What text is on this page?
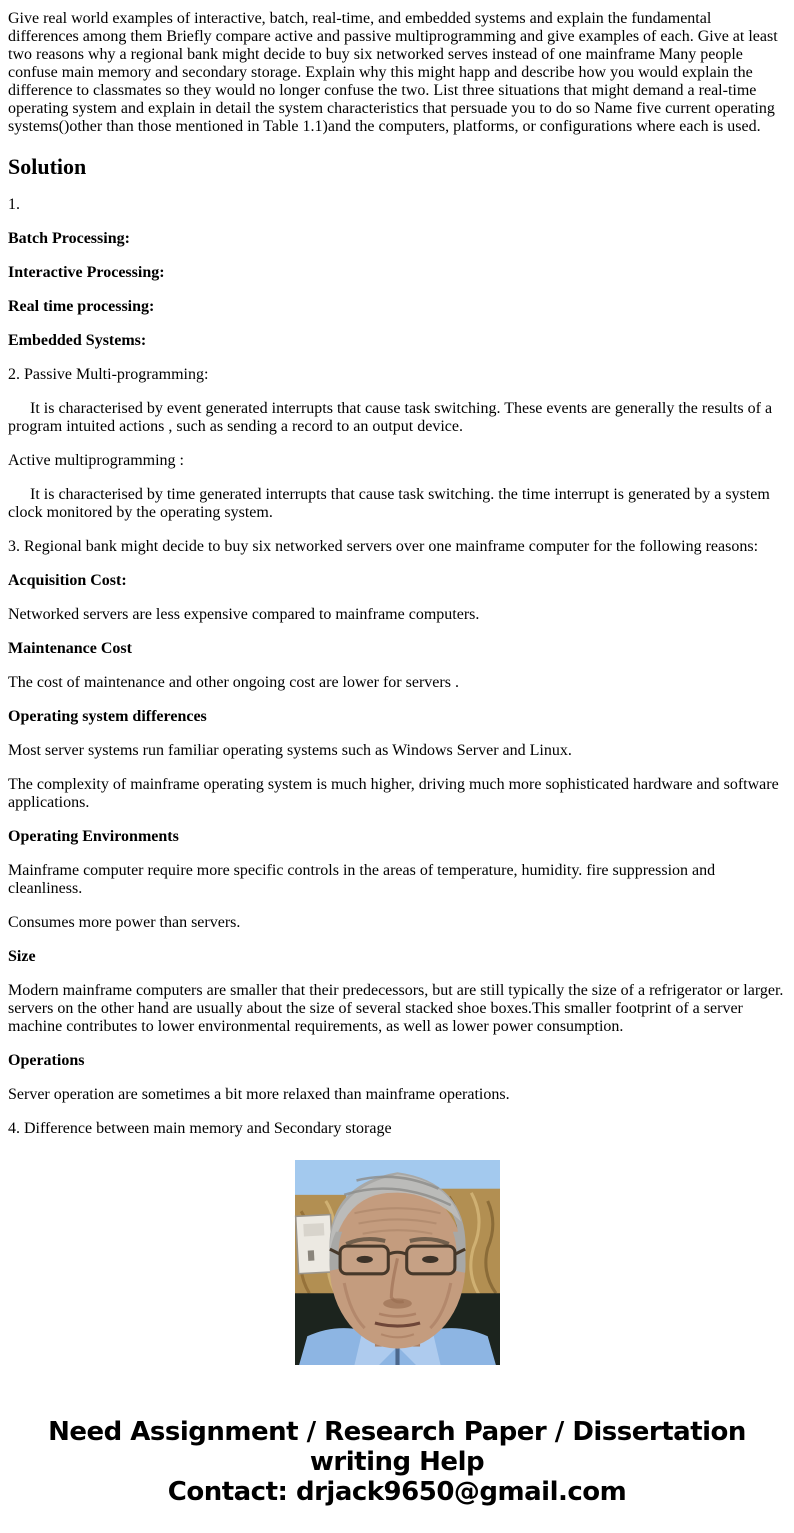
Give real world examples of interactive, batch, real-time, and embedded systems and explain the fundamental differences among them Briefly compare active and passive multiprogramming and give examples of each. Give at least two reasons why a regional bank might decide to buy six networked serves instead of one mainframe Many people confuse main memory and secondary storage. Explain why this might happ and describe how you would explain the difference to classmates so they would no longer confuse the two. List three situations that might demand a real-time operating system and explain in detail the system characteristics that persuade you to do so Name five current operating systems()other than those mentioned in Table 1.1)and the computers, platforms, or configurations where each is used.

Solution

1.

Batch Processing:

Interactive Processing:

Real time processing:

Embedded Systems:

2. Passive Multi-programming:

It is characterised by event generated interrupts that cause task switching. These events are generally the results of a program intuited actions , such as sending a record to an output device.

Active multiprogramming :

It is characterised by time generated interrupts that cause task switching. the time interrupt is generated by a system clock monitored by the operating system.

3. Regional bank might decide to buy six networked servers over one mainframe computer for the following reasons:

Acquisition Cost:

Networked servers are less expensive compared to mainframe computers.

Maintenance Cost

The cost of maintenance and other ongoing cost are lower for servers .

Operating system differences

Most server systems run familiar operating systems such as Windows Server and Linux.

The complexity of mainframe operating system is much higher, driving much more sophisticated hardware and software applications.

Operating Environments

Mainframe computer require more specific controls in the areas of temperature, humidity. fire suppression and cleanliness.

Consumes more power than servers.

Size

Modern mainframe computers are smaller that their predecessors, but are still typically the size of a refrigerator or larger. servers on the other hand are usually about the size of several stacked shoe boxes.This smaller footprint of a server machine contributes to lower environmental requirements, as well as lower power consumption.

Operations

Server operation are sometimes a bit more relaxed than mainframe operations.

4. Difference between main memory and Secondary storage

Need Assignment / Research Paper / Dissertation
writing Help
Contact: drjack9650@gmail.com
